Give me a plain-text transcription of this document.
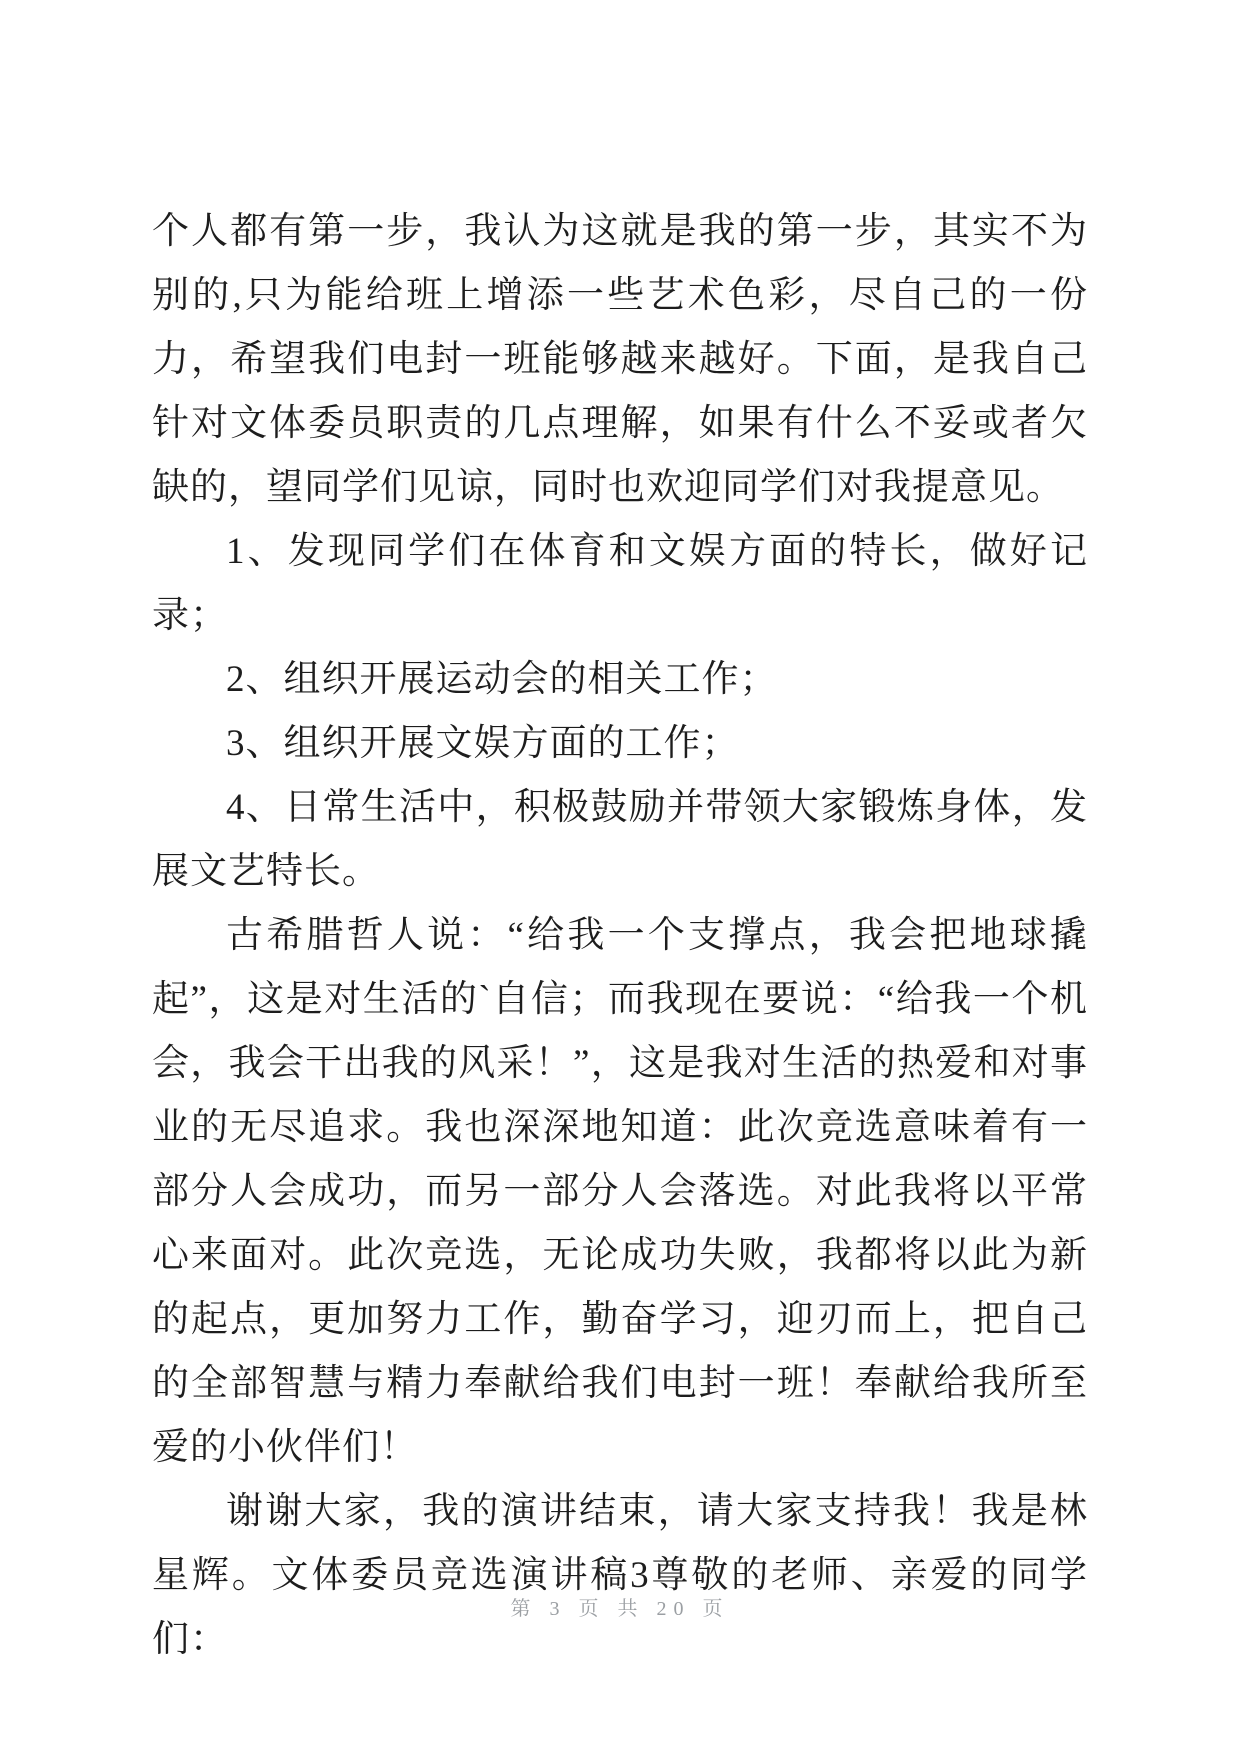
个人都有第一步，我认为这就是我的第一步，其实不为别的,只为能给班上增添一些艺术色彩，尽自己的一份力，希望我们电封一班能够越来越好。下面，是我自己针对文体委员职责的几点理解，如果有什么不妥或者欠缺的，望同学们见谅，同时也欢迎同学们对我提意见。

1、发现同学们在体育和文娱方面的特长，做好记录；

2、组织开展运动会的相关工作；

3、组织开展文娱方面的工作；

4、日常生活中，积极鼓励并带领大家锻炼身体，发展文艺特长。

古希腊哲人说：“给我一个支撑点，我会把地球撬起”，这是对生活的`自信；而我现在要说：“给我一个机会，我会干出我的风采！”，这是我对生活的热爱和对事业的无尽追求。我也深深地知道：此次竞选意味着有一部分人会成功，而另一部分人会落选。对此我将以平常心来面对。此次竞选，无论成功失败，我都将以此为新的起点，更加努力工作，勤奋学习，迎刃而上，把自己的全部智慧与精力奉献给我们电封一班！奉献给我所至爱的小伙伴们！

谢谢大家，我的演讲结束，请大家支持我！我是林星辉。文体委员竞选演讲稿3尊敬的老师、亲爱的同学们：

第 3 页 共 20 页
